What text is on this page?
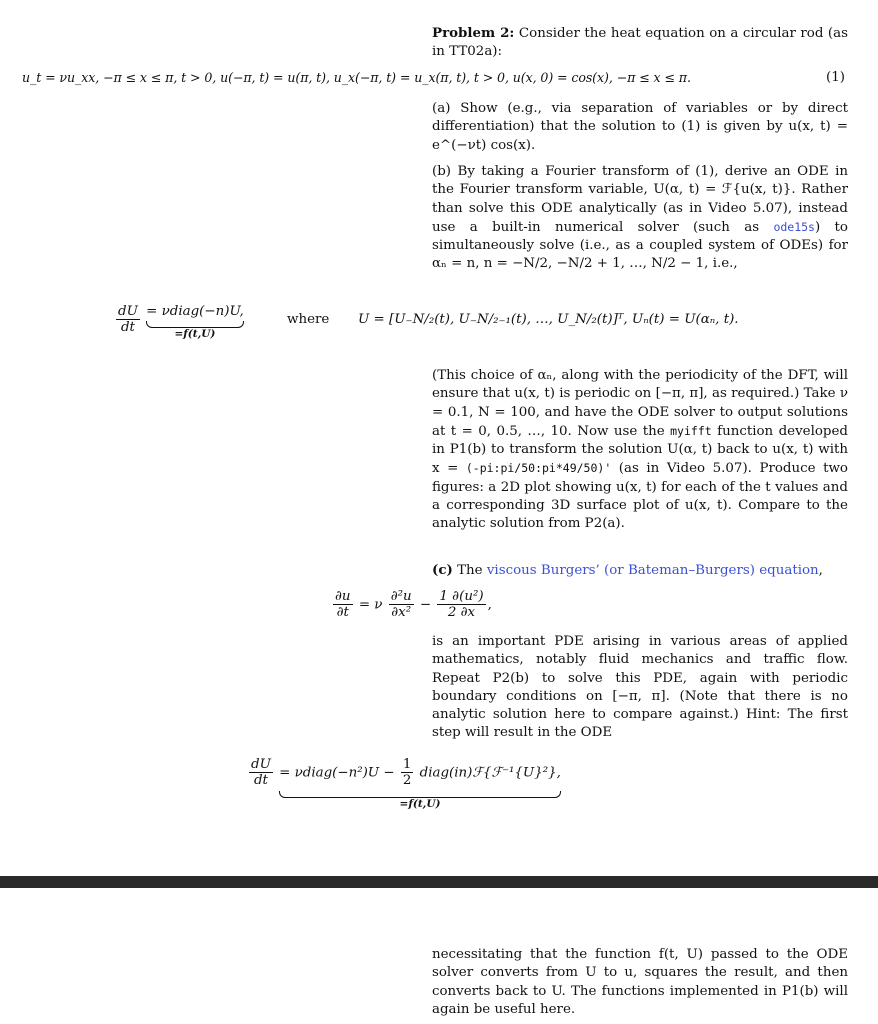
Problem 2: Consider the heat equation on a circular rod (as in TT02a):
u_t = νu_xx, −π ≤ x ≤ π, t > 0, u(−π, t) = u(π, t), u_x(−π, t) = u_x(π, t), t > 0, u(x, 0) = cos(x), −π ≤ x ≤ π.	(1)
(a) Show (e.g., via separation of variables or by direct differentiation) that the solution to (1) is given by u(x, t) = e^(−νt) cos(x).
(b) By taking a Fourier transform of (1), derive an ODE in the Fourier transform variable, U(α, t) = ℱ{u(x, t)}. Rather than solve this ODE analytically (as in Video 5.07), instead use a built-in numerical solver (such as ode15s) to simultaneously solve (i.e., as a coupled system of ODEs) for αₙ = n, n = −N/2, −N/2 + 1, …, N/2 − 1, i.e.,
$\frac{dU}{dt}$ = νdiag(−n)U,
=f(t,U)
where U = [U₋N/₂(t), U₋N/₂₋₁(t), …, U_N/₂(t)]ᵀ, Uₙ(t) = U(αₙ, t).
(This choice of αₙ, along with the periodicity of the DFT, will ensure that u(x, t) is periodic on [−π, π], as required.) Take ν = 0.1, N = 100, and have the ODE solver to output solutions at t = 0, 0.5, …, 10. Now use the myifft function developed in P1(b) to transform the solution U(α, t) back to u(x, t) with x = (-pi:pi/50:pi*49/50)' (as in Video 5.07). Produce two figures: a 2D plot showing u(x, t) for each of the t values and a corresponding 3D surface plot of u(x, t). Compare to the analytic solution from P2(a).
(c) The viscous Burgers’ (or Bateman–Burgers) equation,
$\frac{\partial u}{\partial t} = \nu \frac{\text{∂²u}}{\text{∂x²}} - \frac{\text{1 ∂(u²)}}{2 \partial x}$ ,
is an important PDE arising in various areas of applied mathematics, notably fluid mechanics and traffic flow. Repeat P2(b) to solve this PDE, again with periodic boundary conditions on [−π, π]. (Note that there is no analytic solution here to compare against.) Hint: The first step will result in the ODE
$\frac{dU}{dt}$ = νdiag(−n²)U − $\frac{1}{2}$ diag(in)ℱ{ℱ⁻¹{U}²},
=f(t,U)
necessitating that the function f(t, U) passed to the ODE solver converts from U to u, squares the result, and then converts back to U. The functions implemented in P1(b) will again be useful here.
